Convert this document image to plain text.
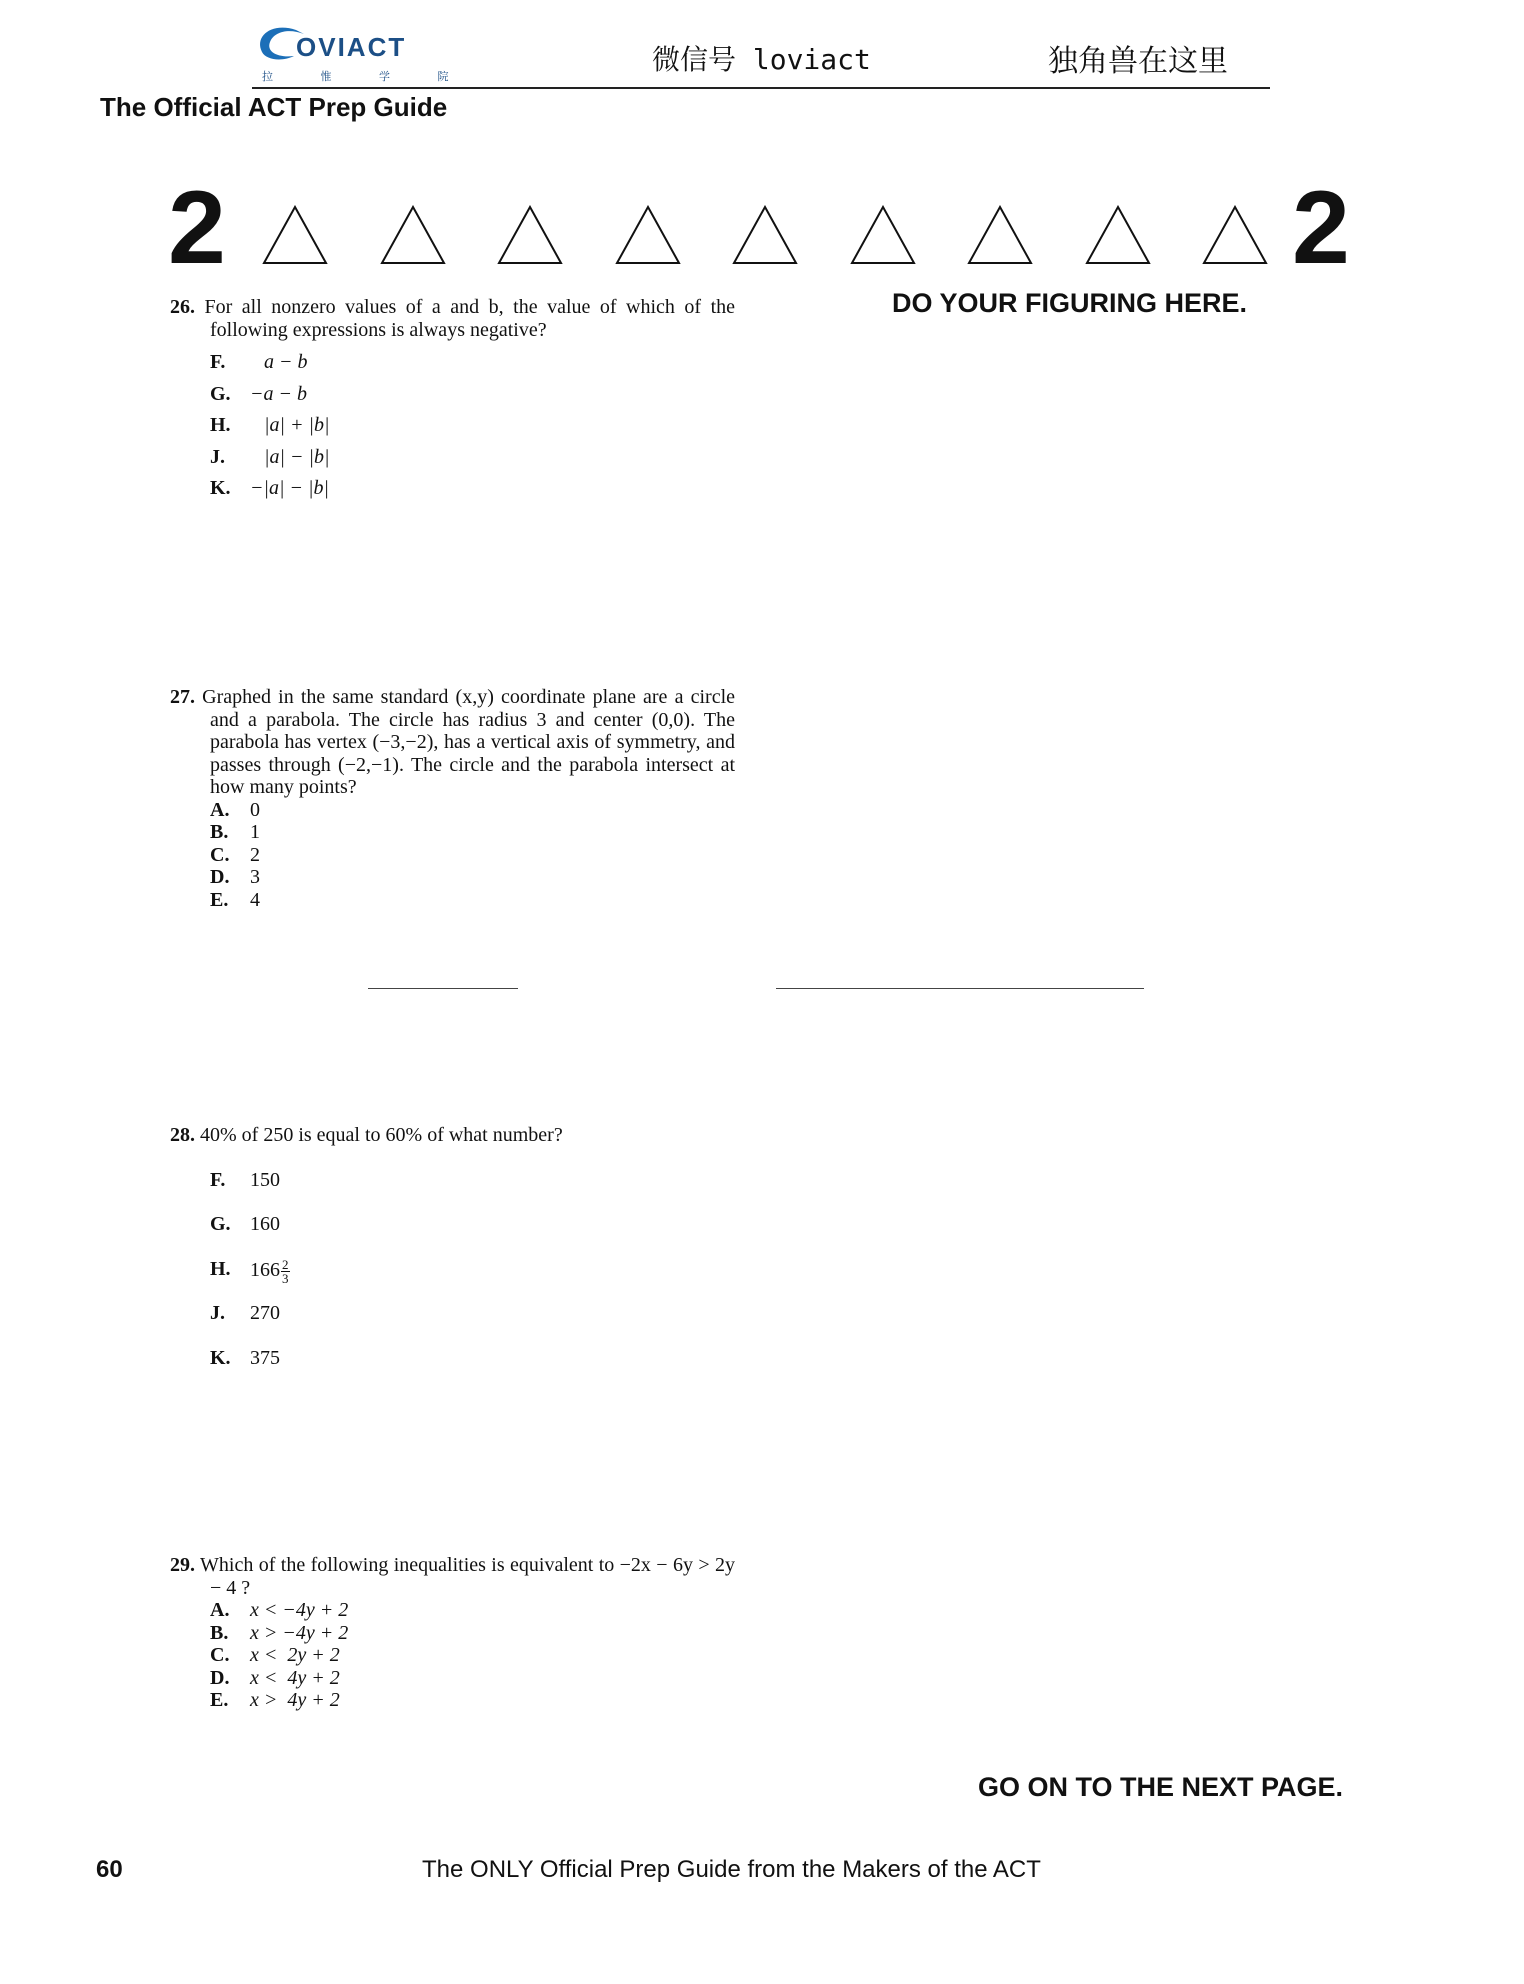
OVIACT
拉 惟 学 院
微信号 loviact	独角兽在这里
The Official ACT Prep Guide
2	2
DO YOUR FIGURING HERE.
26. For all nonzero values of a and b, the value of which of the following expressions is always negative?
F.	a − b
G. −a − b
H.	|a| + |b|
J.	|a| − |b|
K. −|a| − |b|
27. Graphed in the same standard (x,y) coordinate plane are a circle and a parabola. The circle has radius 3 and center (0,0). The parabola has vertex (−3,−2), has a vertical axis of symmetry, and passes through (−2,−1). The circle and the parabola intersect at how many points?
A. 0
B. 1
C. 2
D. 3
E. 4
28. 40% of 250 is equal to 60% of what number?
F. 150
G. 160
H. $166 \frac{2}{3}$
J. 270
K. 375
29. Which of the following inequalities is equivalent to −2x − 6y > 2y − 4 ?
A. x < −4y + 2
B. x > −4y + 2
C. x <  2y + 2
D. x <  4y + 2
E. x >  4y + 2
GO ON TO THE NEXT PAGE.
60	The ONLY Official Prep Guide from the Makers of the ACT
